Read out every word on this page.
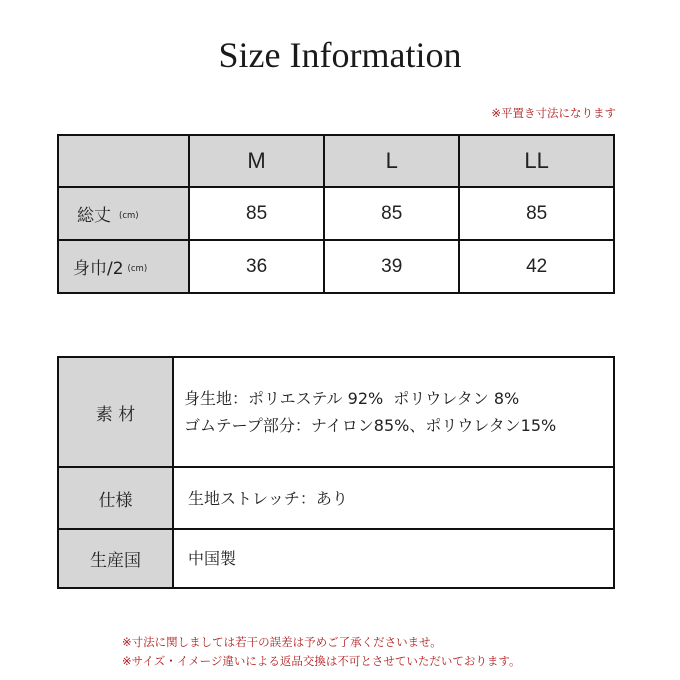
Size Information
※平置き寸法になります
	M	L	LL
総丈 (cm)	85	85	85
身巾/2 (cm)	36	39	42
素 材	身生地：ポリエステル 92%  ポリウレタン 8%
ゴムテープ部分：ナイロン85%、ポリウレタン15%

仕様	生地ストレッチ：あり
生産国	中国製
※寸法に関しましては若干の誤差は予めご了承くださいませ。
※サイズ・イメージ違いによる返品交換は不可とさせていただいております。
